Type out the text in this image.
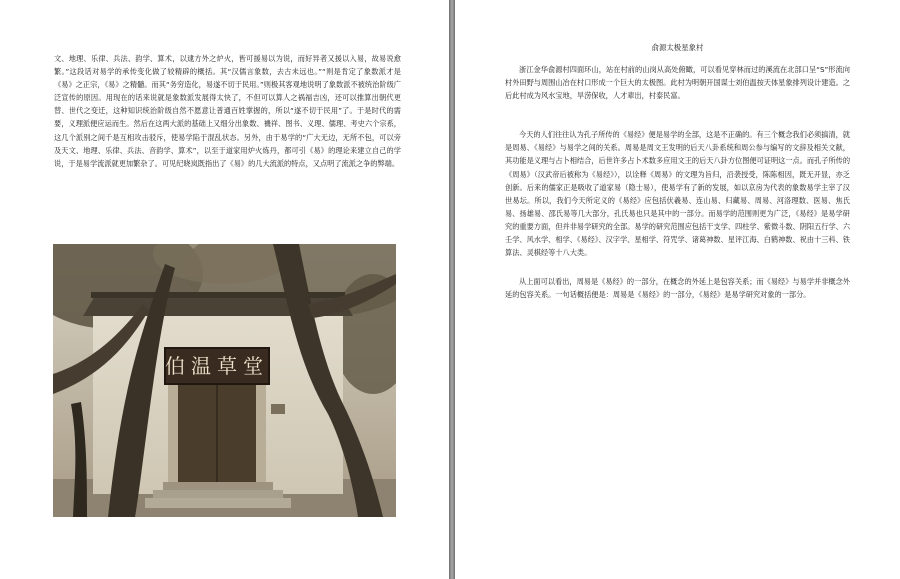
文、地理、乐律、兵法、韵学、算术，以逮方外之炉火，皆可援易以为说，而好异者又援以入易，故易说愈繁。”这段话对易学的承传变化做了较精辟的概括。其“汉儒言象数，去古未远也。”“则是肯定了象数派才是《易》之正宗，《易》之精髓。而其“务穷造化，易遂不切于民用。”则极其客观地说明了象数派不被统治阶级广泛宣传的原因。用现在的话来说就是象数派发展得太快了，不但可以算人之祸福吉凶，还可以推算出朝代更替、世代之变迁，这种知识统治阶级自然不愿意让普通百姓掌握的，所以“遂不切于民用”了。于是时代的需要，义理派便应运而生。然后在这两大派的基础上又细分出象数、禨祥、图书、义理、儒理、考史六个宗系，这几个派别之间千是互相攻击驳斥，使易学陷于混乱状态。另外，由于易学的“广大无边，无所不包，可以旁及天文、地理、乐律、兵法、音韵学、算术”，以至于道家用炉火炼丹，都可引《易》的理论来建立自己的学说，于是易学流派就更加繁杂了。可见纪晓岚既指出了《易》的几大流派的特点，又点明了流派之争的弊端。

伯温草堂

俞源太极星象村

浙江金华俞源村四面环山，站在村前的山岗从高处俯瞰，可以看见穿林而过的溪流在北部口呈“S”形流向村外田野与周围山冶在村口形成一个巨大的太极图。此村为明朝开国谋士刘伯温按天体星象排列设计建造。之后此村成为风水宝地，旱涝保收，人才辈出，村泰民富。

今天的人们往往认为孔子所传的《易经》便是易学的全部，这是不正确的。有三个概念我们必须搞清，就是周易、《易经》与易学之间的关系。周易是周文王发明的后天八卦系统和周公参与编写的文辞及相关文献，其功能是义理与占卜相结合，后世许多占卜术数多应用文王的后天八卦方位图便可证明这一点。而孔子所传的《周易》（汉武帝后被称为《易经》），以诠释《周易》的文理为旨归，沿袭授受，陈陈相因，既无开显，亦乏创新。后来的儒家正是吸收了道家易（隐士易），使易学有了新的发展，如以京房为代表的象数易学主宰了汉世易坛。所以，我们今天所定义的《易经》应包括伏羲易、连山易、归藏易、周易、河洛理数、医易、焦氏易、扬雄易、邵氏易等几大部分，孔氏易也只是其中的一部分。而易学的范围则更为广泛，《易经》是易学研究的重要方面，但并非易学研究的全部。易学的研究范围应包括干支学、四柱学、紫微斗数、阴阳五行学、六壬学、风水学、相学、《易经》、汉字学、星相学、符咒学、诸葛神数、星评江海、白鹤神数、祝由十三科、铁算法、灵棋经等十八大类。

从上面可以看出，周易是《易经》的一部分，在概念的外延上是包容关系；而《易经》与易学并非概念外延的包容关系。一句话概括便是：周易是《易经》的一部分，《易经》是易学研究对象的一部分。
